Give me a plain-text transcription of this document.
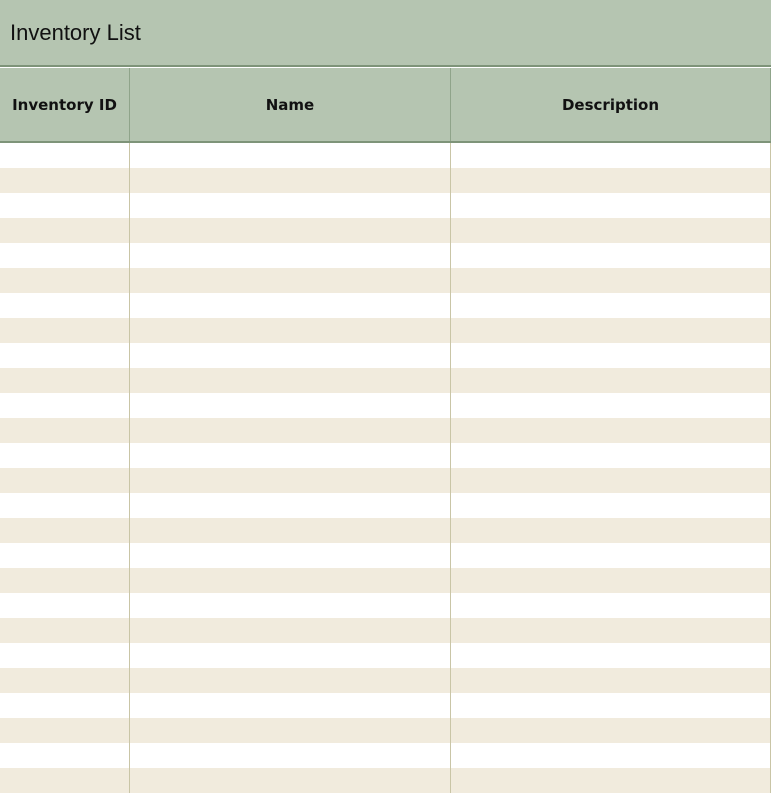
Inventory List
Inventory ID	Name	Description
